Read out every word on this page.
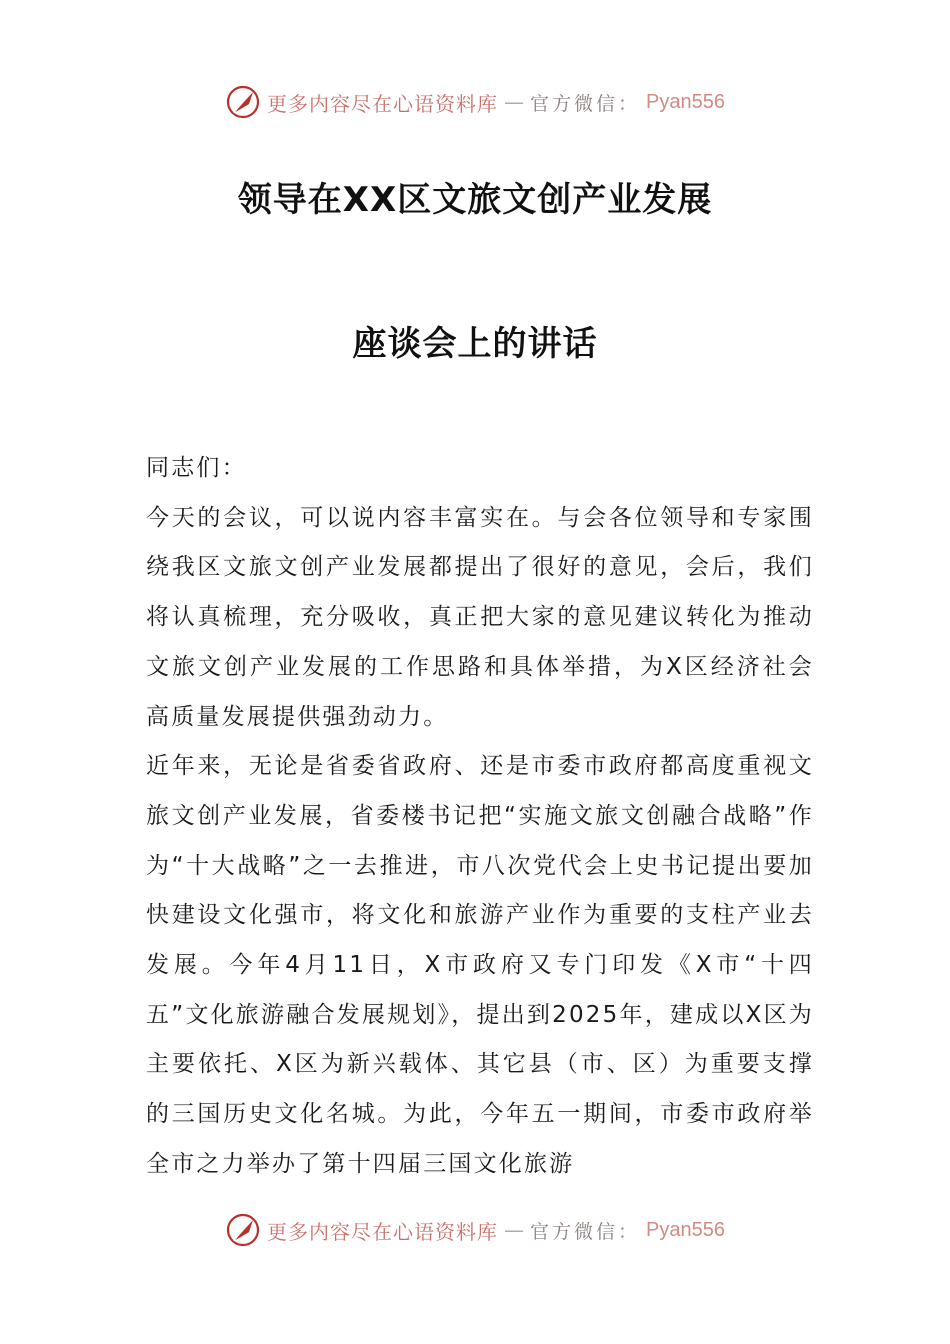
更多内容尽在心语资料库 — 官方微信： Pyan556
领导在XX区文旅文创产业发展
座谈会上的讲话

同志们：

今天的会议，可以说内容丰富实在。与会各位领导和专家围绕我区文旅文创产业发展都提出了很好的意见，会后，我们将认真梳理，充分吸收，真正把大家的意见建议转化为推动文旅文创产业发展的工作思路和具体举措，为X区经济社会高质量发展提供强劲动力。

近年来，无论是省委省政府、还是市委市政府都高度重视文旅文创产业发展，省委楼书记把“实施文旅文创融合战略”作为“十大战略”之一去推进，市八次党代会上史书记提出要加快建设文化强市，将文化和旅游产业作为重要的支柱产业去发展。今年4月11日，X市政府又专门印发《X市“十四五”文化旅游融合发展规划》，提出到2025年，建成以X区为主要依托、X区为新兴载体、其它县（市、区）为重要支撑的三国历史文化名城。为此，今年五一期间，市委市政府举全市之力举办了第十四届三国文化旅游

更多内容尽在心语资料库 — 官方微信： Pyan556
